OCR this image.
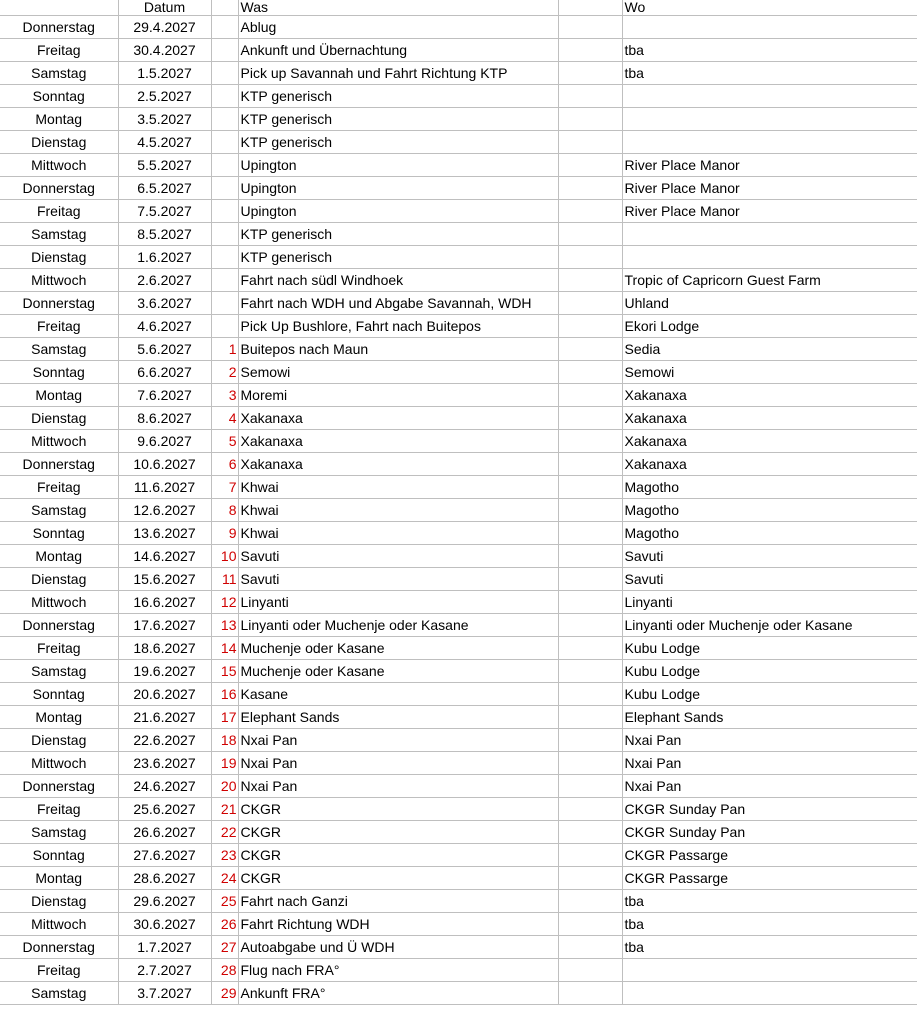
	Datum		Was		Wo
Donnerstag	29.4.2027		Ablug		
Freitag	30.4.2027		Ankunft und Übernachtung		tba
Samstag	1.5.2027		Pick up Savannah und Fahrt Richtung KTP		tba
Sonntag	2.5.2027		KTP generisch		
Montag	3.5.2027		KTP generisch		
Dienstag	4.5.2027		KTP generisch		
Mittwoch	5.5.2027		Upington		River Place Manor
Donnerstag	6.5.2027		Upington		River Place Manor
Freitag	7.5.2027		Upington		River Place Manor
Samstag	8.5.2027		KTP generisch		
Dienstag	1.6.2027		KTP generisch		
Mittwoch	2.6.2027		Fahrt nach südl Windhoek		Tropic of Capricorn Guest Farm
Donnerstag	3.6.2027		Fahrt nach WDH und Abgabe Savannah, WDH		Uhland
Freitag	4.6.2027		Pick Up Bushlore, Fahrt nach Buitepos		Ekori Lodge
Samstag	5.6.2027	1	Buitepos nach Maun		Sedia
Sonntag	6.6.2027	2	Semowi		Semowi
Montag	7.6.2027	3	Moremi		Xakanaxa
Dienstag	8.6.2027	4	Xakanaxa		Xakanaxa
Mittwoch	9.6.2027	5	Xakanaxa		Xakanaxa
Donnerstag	10.6.2027	6	Xakanaxa		Xakanaxa
Freitag	11.6.2027	7	Khwai		Magotho
Samstag	12.6.2027	8	Khwai		Magotho
Sonntag	13.6.2027	9	Khwai		Magotho
Montag	14.6.2027	10	Savuti		Savuti
Dienstag	15.6.2027	11	Savuti		Savuti
Mittwoch	16.6.2027	12	Linyanti		Linyanti
Donnerstag	17.6.2027	13	Linyanti oder Muchenje oder Kasane		Linyanti oder Muchenje oder Kasane
Freitag	18.6.2027	14	Muchenje oder Kasane		Kubu Lodge
Samstag	19.6.2027	15	Muchenje oder Kasane		Kubu Lodge
Sonntag	20.6.2027	16	Kasane		Kubu Lodge
Montag	21.6.2027	17	Elephant Sands		Elephant Sands
Dienstag	22.6.2027	18	Nxai Pan		Nxai Pan
Mittwoch	23.6.2027	19	Nxai Pan		Nxai Pan
Donnerstag	24.6.2027	20	Nxai Pan		Nxai Pan
Freitag	25.6.2027	21	CKGR		CKGR Sunday Pan
Samstag	26.6.2027	22	CKGR		CKGR Sunday Pan
Sonntag	27.6.2027	23	CKGR		CKGR Passarge
Montag	28.6.2027	24	CKGR		CKGR Passarge
Dienstag	29.6.2027	25	Fahrt nach Ganzi		tba
Mittwoch	30.6.2027	26	Fahrt Richtung WDH		tba
Donnerstag	1.7.2027	27	Autoabgabe und Ü WDH		tba
Freitag	2.7.2027	28	Flug nach FRA°		
Samstag	3.7.2027	29	Ankunft FRA°		
